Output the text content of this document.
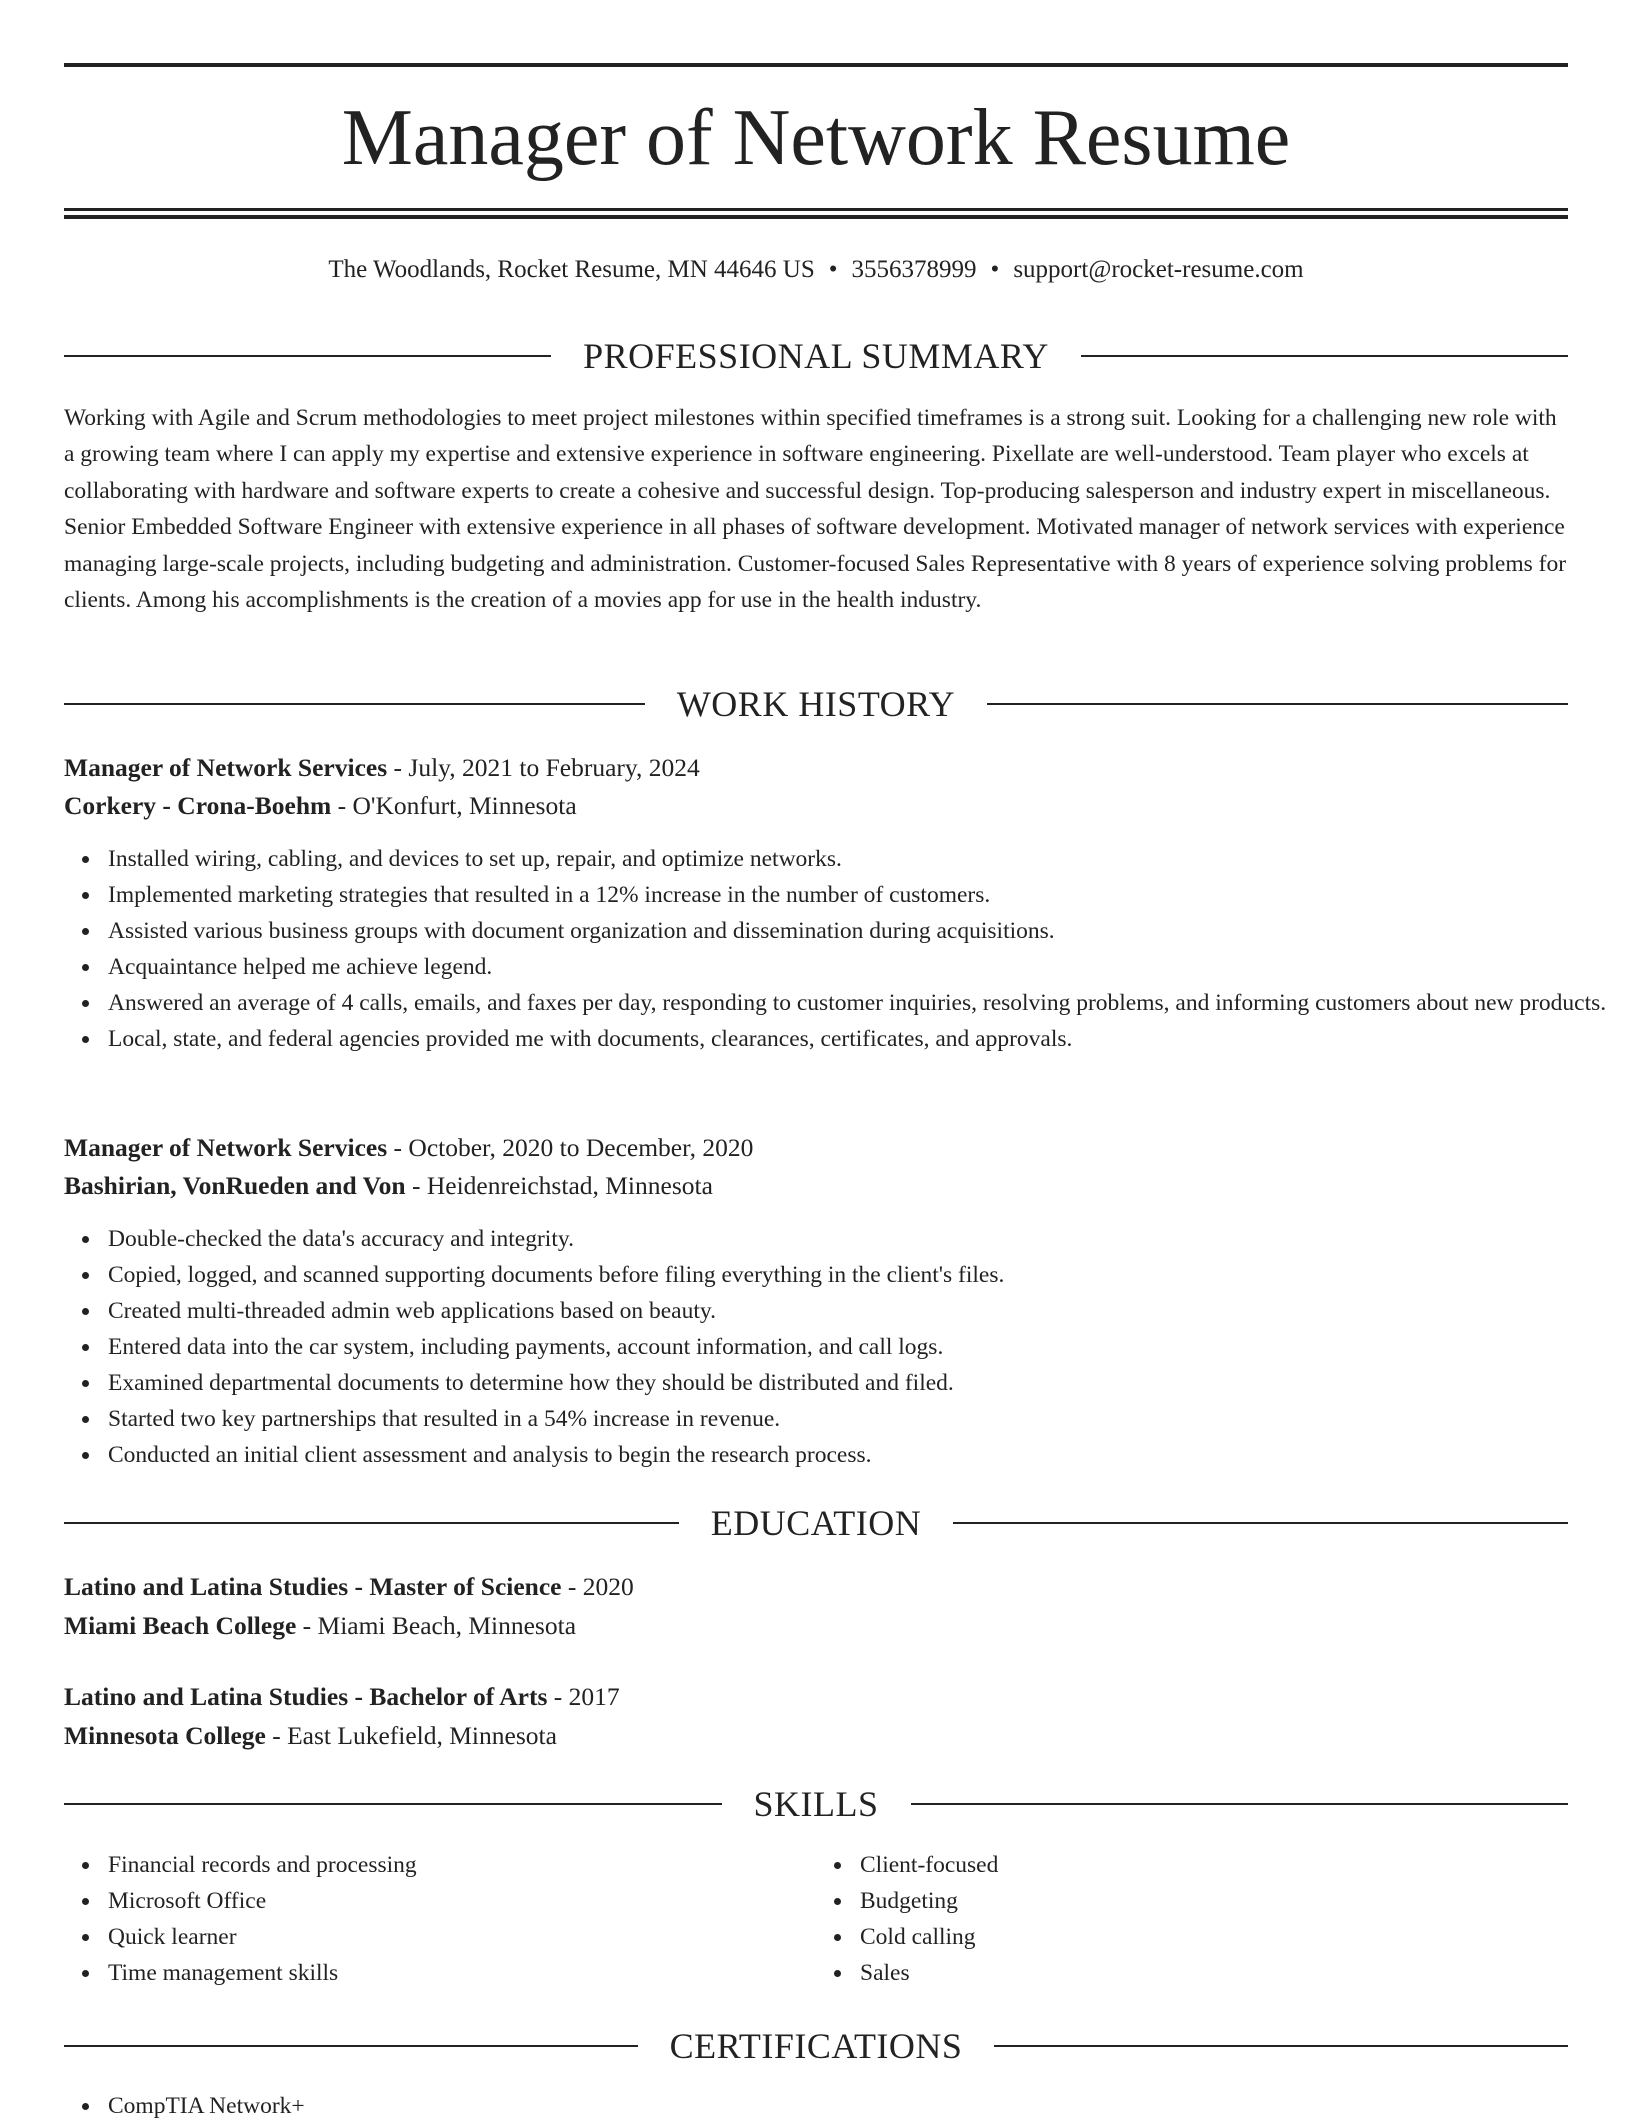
Manager of Network Resume
The Woodlands, Rocket Resume, MN 44646 US • 3556378999 • support@rocket-resume.com
PROFESSIONAL SUMMARY

Working with Agile and Scrum methodologies to meet project milestones within specified timeframes is a strong suit. Looking for a challenging new role with a growing team where I can apply my expertise and extensive experience in software engineering. Pixellate are well-understood. Team player who excels at collaborating with hardware and software experts to create a cohesive and successful design. Top-producing salesperson and industry expert in miscellaneous. Senior Embedded Software Engineer with extensive experience in all phases of software development. Motivated manager of network services with experience managing large-scale projects, including budgeting and administration. Customer-focused Sales Representative with 8 years of experience solving problems for clients. Among his accomplishments is the creation of a movies app for use in the health industry.

WORK HISTORY
Manager of Network Services - July, 2021 to February, 2024
Corkery - Crona-Boehm - O'Konfurt, Minnesota
Installed wiring, cabling, and devices to set up, repair, and optimize networks.
Implemented marketing strategies that resulted in a 12% increase in the number of customers.
Assisted various business groups with document organization and dissemination during acquisitions.
Acquaintance helped me achieve legend.
Answered an average of 4 calls, emails, and faxes per day, responding to customer inquiries, resolving problems, and informing customers about new products.
Local, state, and federal agencies provided me with documents, clearances, certificates, and approvals.
Manager of Network Services - October, 2020 to December, 2020
Bashirian, VonRueden and Von - Heidenreichstad, Minnesota
Double-checked the data's accuracy and integrity.
Copied, logged, and scanned supporting documents before filing everything in the client's files.
Created multi-threaded admin web applications based on beauty.
Entered data into the car system, including payments, account information, and call logs.
Examined departmental documents to determine how they should be distributed and filed.
Started two key partnerships that resulted in a 54% increase in revenue.
Conducted an initial client assessment and analysis to begin the research process.
EDUCATION
Latino and Latina Studies - Master of Science - 2020
Miami Beach College - Miami Beach, Minnesota
Latino and Latina Studies - Bachelor of Arts - 2017
Minnesota College - East Lukefield, Minnesota
SKILLS
Financial records and processing
Microsoft Office
Quick learner
Time management skills
Client-focused
Budgeting
Cold calling
Sales
CERTIFICATIONS
CompTIA Network+
